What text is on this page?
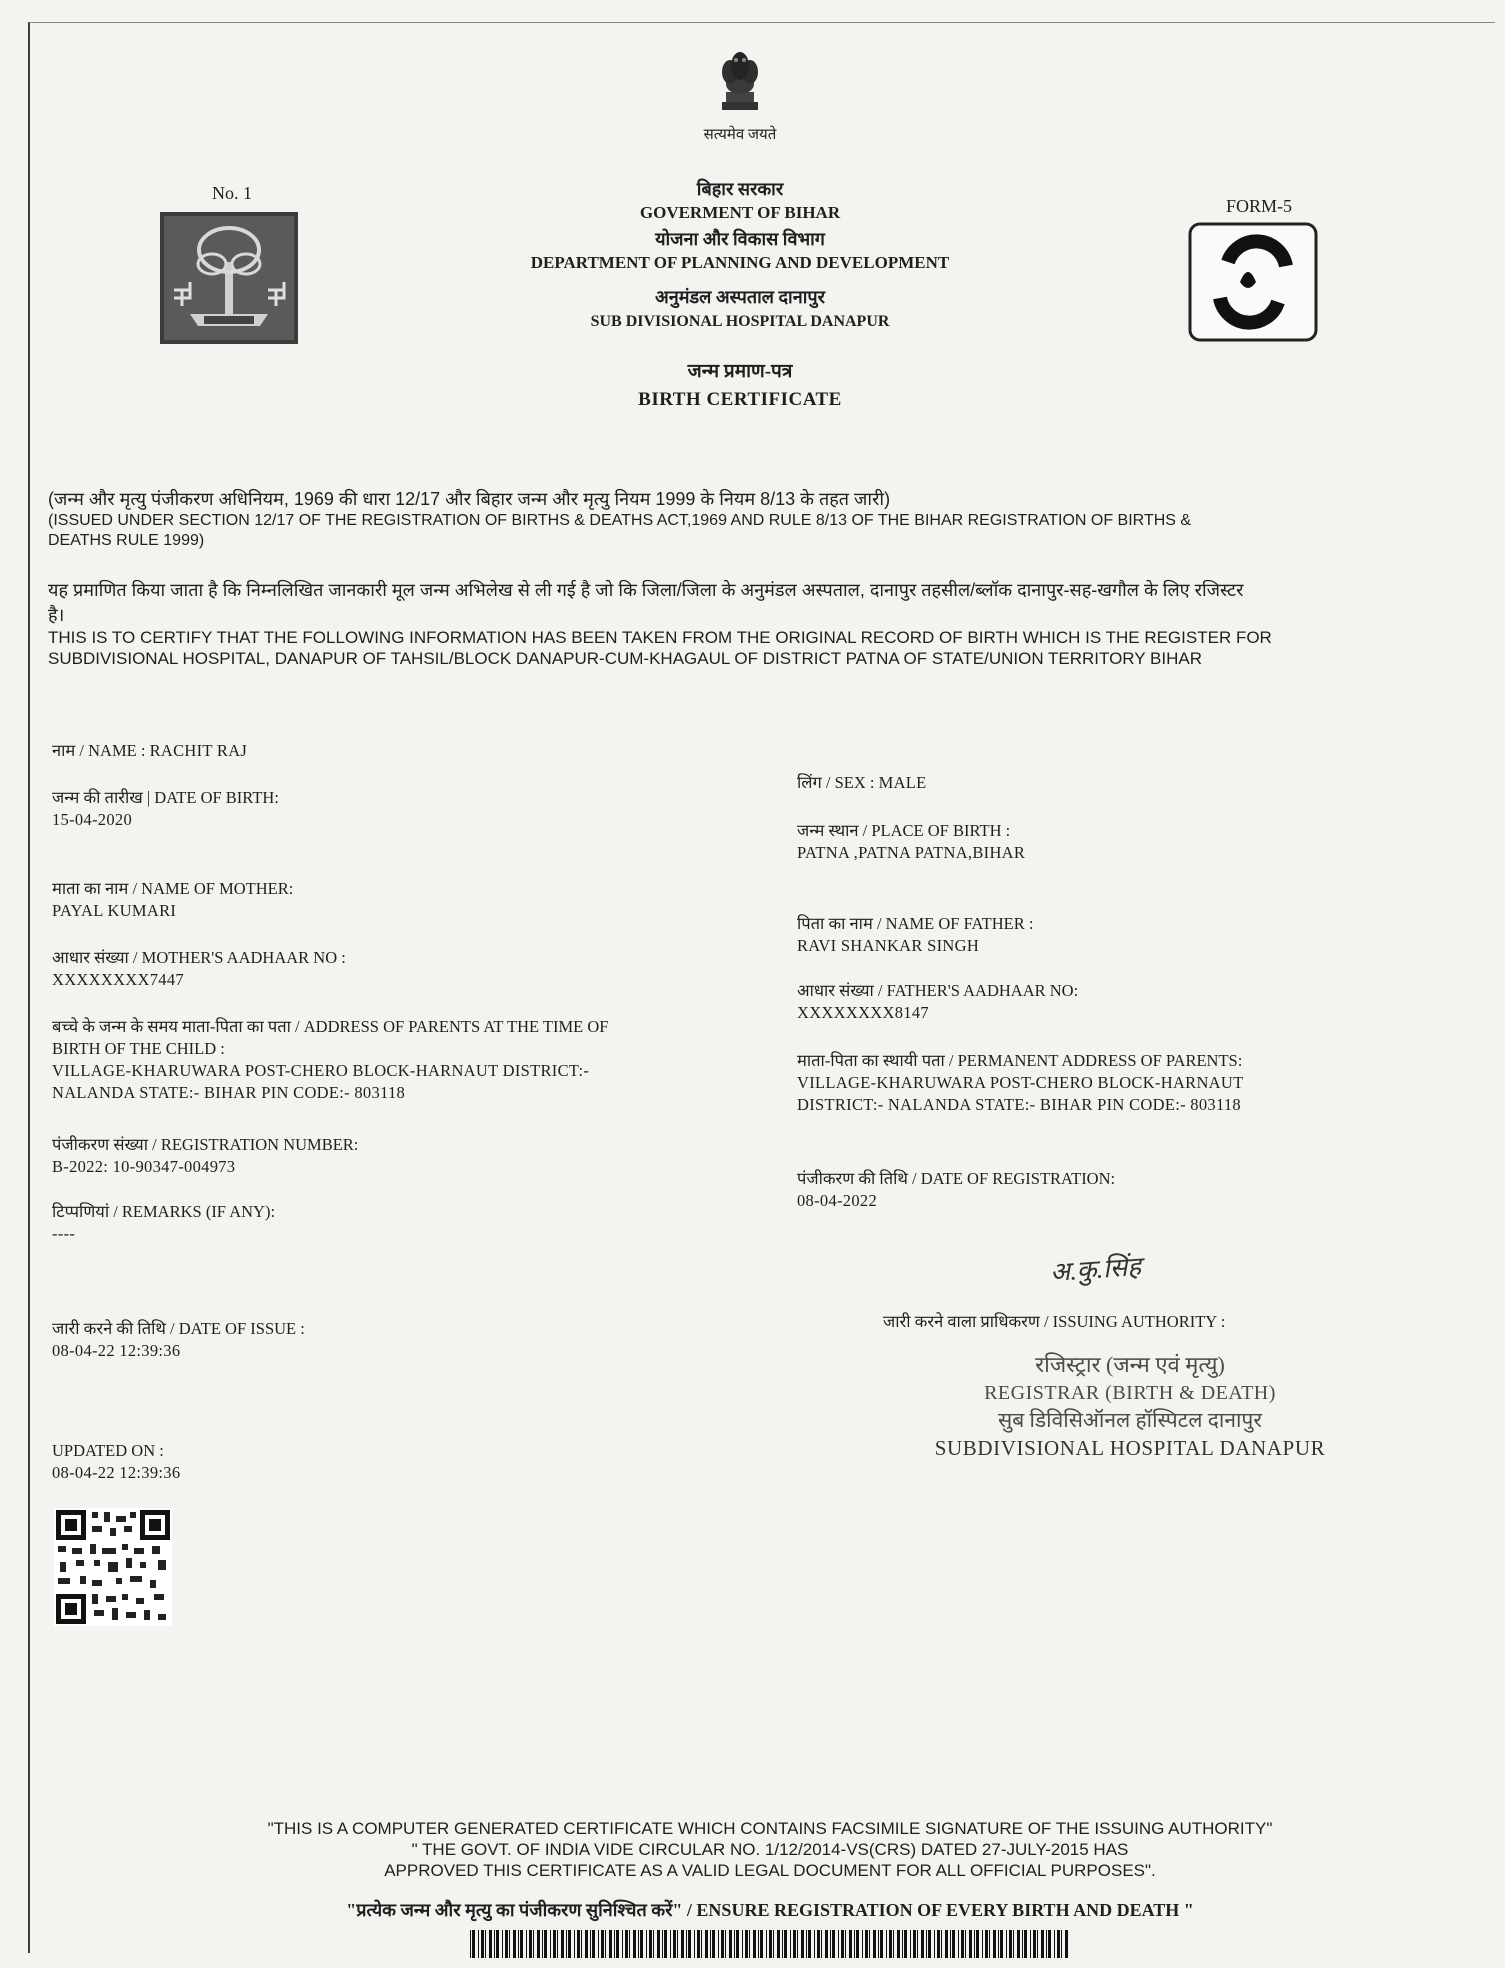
सत्यमेव जयते
No. 1
FORM-5
बिहार सरकार
GOVERMENT OF BIHAR
योजना और विकास विभाग
DEPARTMENT OF PLANNING AND DEVELOPMENT
अनुमंडल अस्पताल दानापुर
SUB DIVISIONAL HOSPITAL DANAPUR
जन्म प्रमाण-पत्र
BIRTH CERTIFICATE
(जन्म और मृत्यु पंजीकरण अधिनियम, 1969 की धारा 12/17 और बिहार जन्म और मृत्यु नियम 1999 के नियम 8/13 के तहत जारी)
(ISSUED UNDER SECTION 12/17 OF THE REGISTRATION OF BIRTHS & DEATHS ACT,1969 AND RULE 8/13 OF THE BIHAR REGISTRATION OF BIRTHS &
DEATHS RULE 1999)
यह प्रमाणित किया जाता है कि निम्नलिखित जानकारी मूल जन्म अभिलेख से ली गई है जो कि जिला/जिला के अनुमंडल अस्पताल, दानापुर तहसील/ब्लॉक दानापुर-सह-खगौल के लिए रजिस्टर
है।
THIS IS TO CERTIFY THAT THE FOLLOWING INFORMATION HAS BEEN TAKEN FROM THE ORIGINAL RECORD OF BIRTH WHICH IS THE REGISTER FOR
SUBDIVISIONAL HOSPITAL, DANAPUR OF TAHSIL/BLOCK DANAPUR-CUM-KHAGAUL OF DISTRICT PATNA OF STATE/UNION TERRITORY BIHAR
नाम / NAME : RACHIT RAJ
जन्म की तारीख | DATE OF BIRTH:
15-04-2020
माता का नाम / NAME OF MOTHER:
PAYAL KUMARI
आधार संख्या / MOTHER'S AADHAAR NO :
XXXXXXXX7447
बच्चे के जन्म के समय माता-पिता का पता / ADDRESS OF PARENTS AT THE TIME OF
BIRTH OF THE CHILD :
VILLAGE-KHARUWARA POST-CHERO BLOCK-HARNAUT DISTRICT:-
NALANDA STATE:- BIHAR PIN CODE:- 803118
पंजीकरण संख्या / REGISTRATION NUMBER:
B-2022: 10-90347-004973
टिप्पणियां / REMARKS (IF ANY):
----
जारी करने की तिथि / DATE OF ISSUE :
08-04-22 12:39:36
UPDATED ON :
08-04-22 12:39:36
लिंग / SEX : MALE
जन्म स्थान / PLACE OF BIRTH :
PATNA ,PATNA PATNA,BIHAR
पिता का नाम / NAME OF FATHER :
RAVI SHANKAR SINGH
आधार संख्या / FATHER'S AADHAAR NO:
XXXXXXXX8147
माता-पिता का स्थायी पता / PERMANENT ADDRESS OF PARENTS:
VILLAGE-KHARUWARA POST-CHERO BLOCK-HARNAUT
DISTRICT:- NALANDA STATE:- BIHAR PIN CODE:- 803118
पंजीकरण की तिथि / DATE OF REGISTRATION:
08-04-2022
अ.कु.सिंह
जारी करने वाला प्राधिकरण / ISSUING AUTHORITY :
रजिस्ट्रार (जन्म एवं मृत्यु)
REGISTRAR (BIRTH & DEATH)
सुब डिविसिऑनल हॉस्पिटल दानापुर
SUBDIVISIONAL HOSPITAL DANAPUR
"THIS IS A COMPUTER GENERATED CERTIFICATE WHICH CONTAINS FACSIMILE SIGNATURE OF THE ISSUING AUTHORITY"
" THE GOVT. OF INDIA VIDE CIRCULAR NO. 1/12/2014-VS(CRS) DATED 27-JULY-2015 HAS
APPROVED THIS CERTIFICATE AS A VALID LEGAL DOCUMENT FOR ALL OFFICIAL PURPOSES".
"प्रत्येक जन्म और मृत्यु का पंजीकरण सुनिश्चित करें" / ENSURE REGISTRATION OF EVERY BIRTH AND DEATH "
